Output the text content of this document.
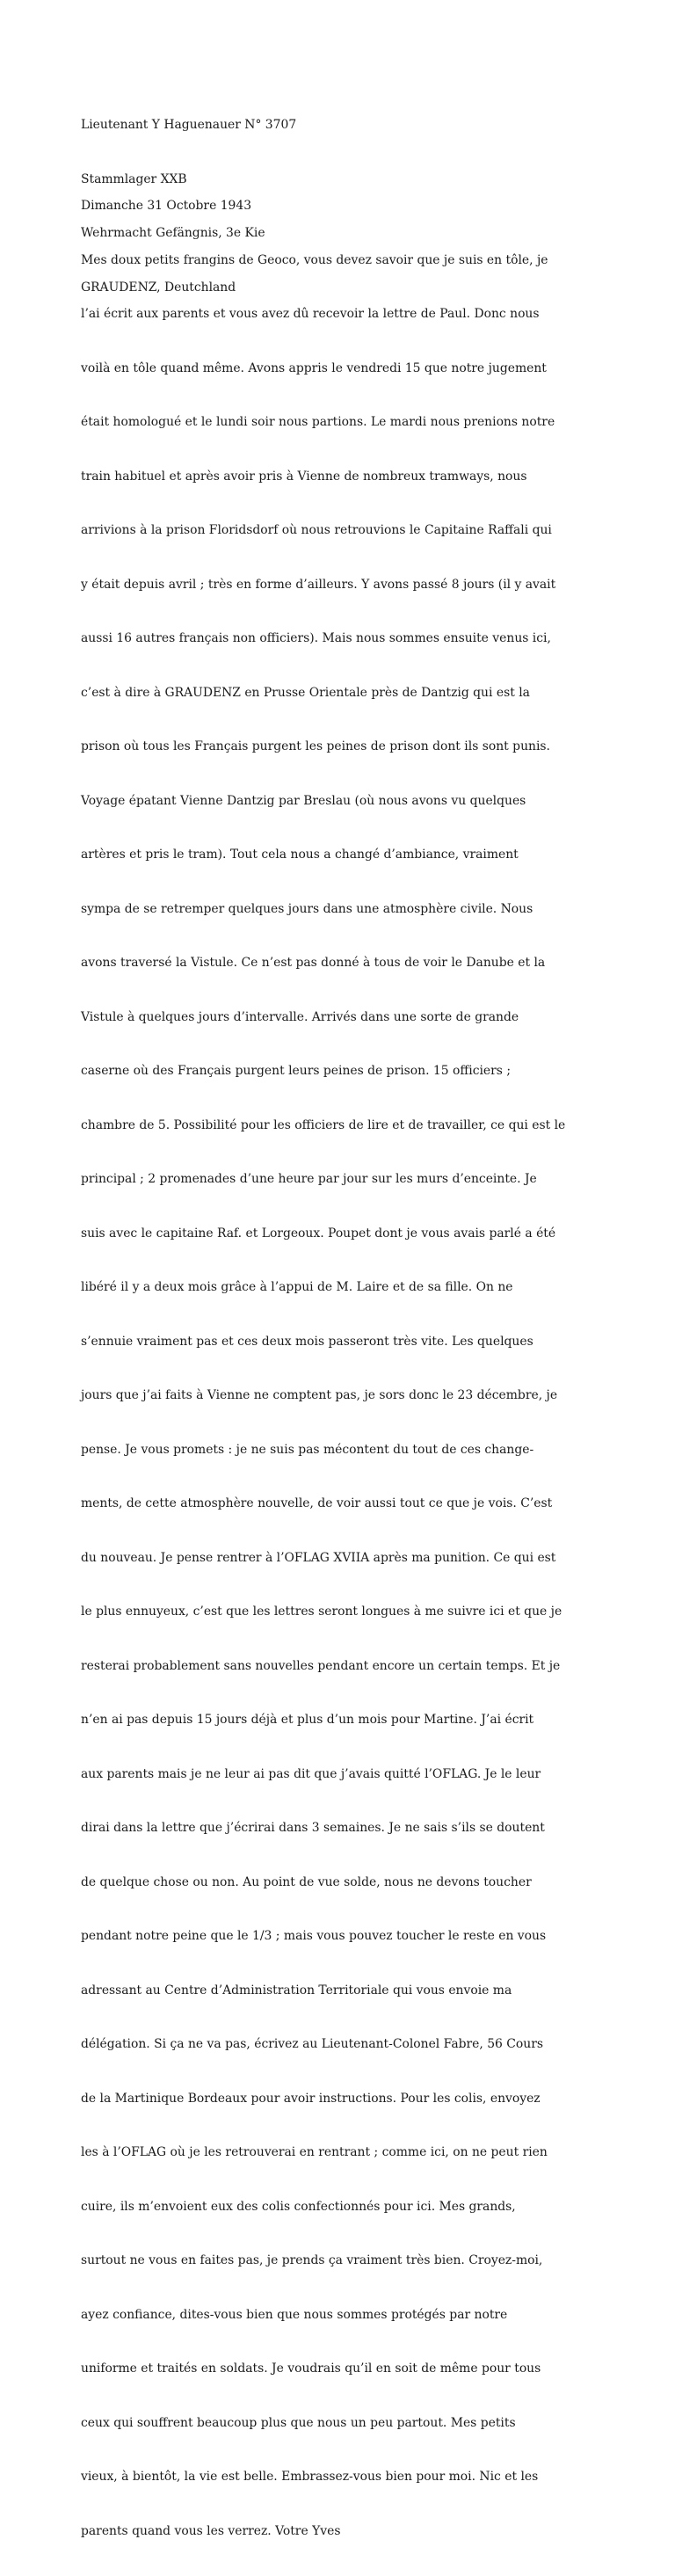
Lieutenant Y Haguenauer N° 3707

Stammlager XXB

Wehrmacht Gefängnis, 3e Kie

GRAUDENZ, Deutchland

Dimanche 31 Octobre 1943

Mes doux petits frangins de Geoco, vous devez savoir que je suis en tôle, je

l’ai écrit aux parents et vous avez dû recevoir la lettre de Paul. Donc nous

voilà en tôle quand même. Avons appris le vendredi 15 que notre jugement

était homologué et le lundi soir nous partions. Le mardi nous prenions notre

train habituel et après avoir pris à Vienne de nombreux tramways, nous

arrivions à la prison Floridsdorf où nous retrouvions le Capitaine Raffali qui

y était depuis avril ; très en forme d’ailleurs. Y avons passé 8 jours (il y avait

aussi 16 autres français non officiers). Mais nous sommes ensuite venus ici,

c’est à dire à GRAUDENZ en Prusse Orientale près de Dantzig qui est la

prison où tous les Français purgent les peines de prison dont ils sont punis.

Voyage épatant Vienne Dantzig par Breslau (où nous avons vu quelques

artères et pris le tram). Tout cela nous a changé d’ambiance, vraiment

sympa de se retremper quelques jours dans une atmosphère civile. Nous

avons traversé la Vistule. Ce n’est pas donné à tous de voir le Danube et la

Vistule à quelques jours d’intervalle. Arrivés dans une sorte de grande

caserne où des Français purgent leurs peines de prison. 15 officiers ;

chambre de 5. Possibilité pour les officiers de lire et de travailler, ce qui est le

principal ; 2 promenades d’une heure par jour sur les murs d’enceinte. Je

suis avec le capitaine Raf. et Lorgeoux. Poupet dont je vous avais parlé a été

libéré il y a deux mois grâce à l’appui de M. Laire et de sa fille. On ne

s’ennuie vraiment pas et ces deux mois passeront très vite. Les quelques

jours que j’ai faits à Vienne ne comptent pas, je sors donc le 23 décembre, je

pense. Je vous promets : je ne suis pas mécontent du tout de ces change-

ments, de cette atmosphère nouvelle, de voir aussi tout ce que je vois. C’est

du nouveau. Je pense rentrer à l’OFLAG XVIIA après ma punition. Ce qui est

le plus ennuyeux, c’est que les lettres seront longues à me suivre ici et que je

resterai probablement sans nouvelles pendant encore un certain temps. Et je

n’en ai pas depuis 15 jours déjà et plus d’un mois pour Martine. J’ai écrit

aux parents mais je ne leur ai pas dit que j’avais quitté l’OFLAG. Je le leur

dirai dans la lettre que j’écrirai dans 3 semaines. Je ne sais s’ils se doutent

de quelque chose ou non. Au point de vue solde, nous ne devons toucher

pendant notre peine que le 1/3 ; mais vous pouvez toucher le reste en vous

adressant au Centre d’Administration Territoriale qui vous envoie ma

délégation. Si ça ne va pas, écrivez au Lieutenant-Colonel Fabre, 56 Cours

de la Martinique Bordeaux pour avoir instructions. Pour les colis, envoyez

les à l’OFLAG où je les retrouverai en rentrant ; comme ici, on ne peut rien

cuire, ils m’envoient eux des colis confectionnés pour ici. Mes grands,

surtout ne vous en faites pas, je prends ça vraiment très bien. Croyez-moi,

ayez confiance, dites-vous bien que nous sommes protégés par notre

uniforme et traités en soldats. Je voudrais qu’il en soit de même pour tous

ceux qui souffrent beaucoup plus que nous un peu partout. Mes petits

vieux, à bientôt, la vie est belle. Embrassez-vous bien pour moi. Nic et les

parents quand vous les verrez. Votre Yves
